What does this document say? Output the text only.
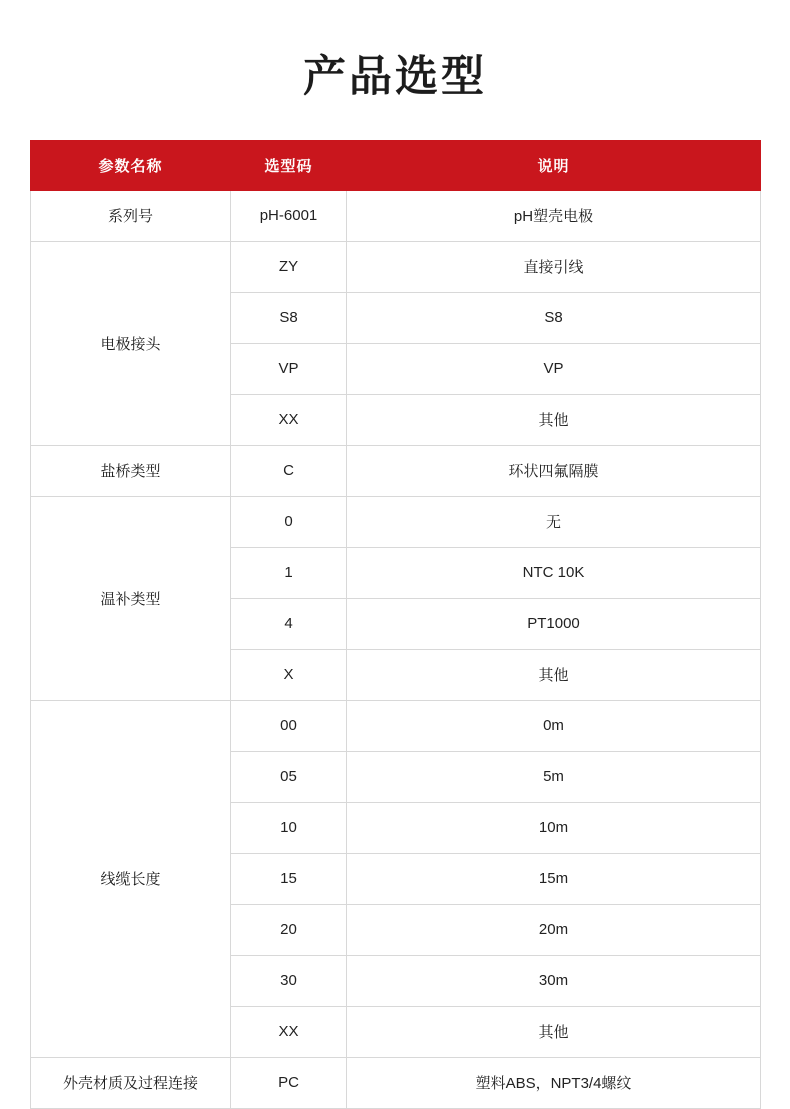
产品选型
参数名称	选型码	说明
系列号	pH-6001	pH塑壳电极
电极接头	ZY	直接引线
	S8	S8
	VP	VP
	XX	其他
盐桥类型	C	环状四氟隔膜
温补类型	0	无
	1	NTC 10K
	4	PT1000
	X	其他
线缆长度	00	0m
	05	5m
	10	10m
	15	15m
	20	20m
	30	30m
	XX	其他
外壳材质及过程连接	PC	塑料ABS，NPT3/4螺纹
